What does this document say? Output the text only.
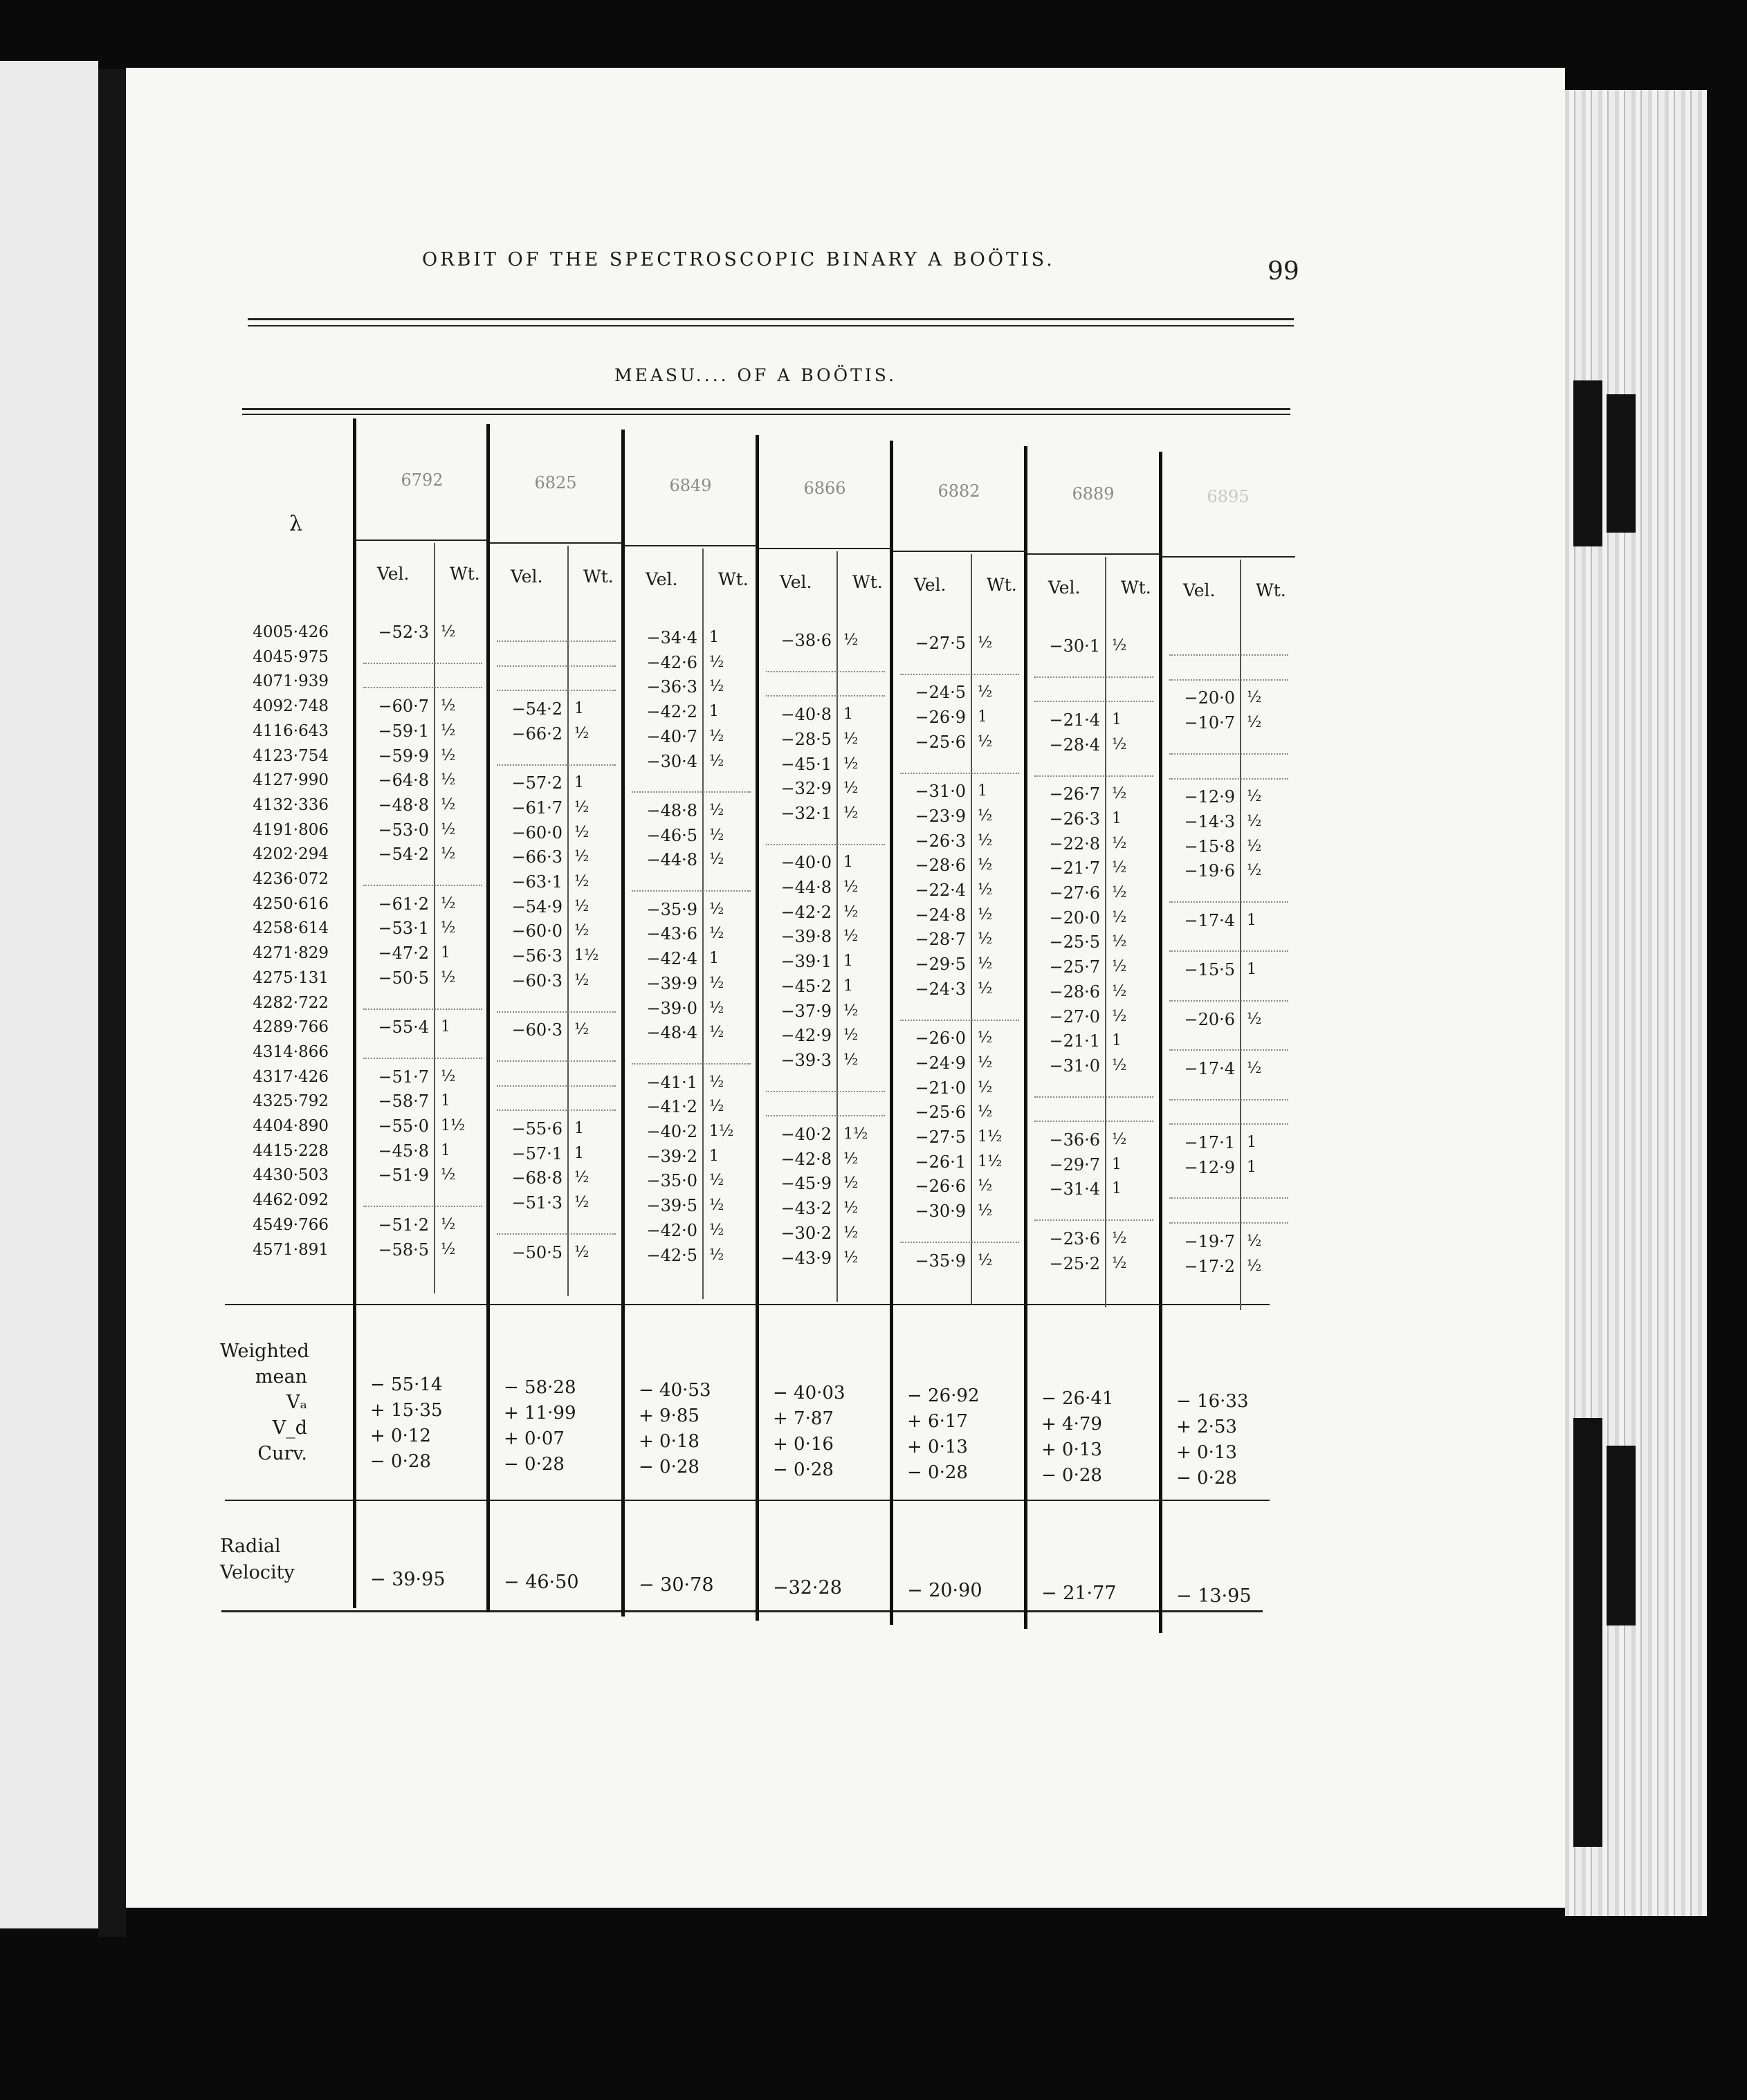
ORBIT OF THE SPECTROSCOPIC BINARY A BOÖTIS.	99
MEASU.... OF A BOÖTIS.
λ
Weighted
mean
Vₐ
V_d
Curv.
Radial
Velocity
4005·426
4045·975
4071·939
4092·748
4116·643
4123·754
4127·990
4132·336
4191·806
4202·294
4236·072
4250·616
4258·614
4271·829
4275·131
4282·722
4289·766
4314·866
4317·426
4325·792
4404·890
4415·228
4430·503
4462·092
4549·766
4571·891
6792
Vel. Wt.
−52·3 ½
−60·7 ½
−59·1 ½
−59·9 ½
−64·8 ½
−48·8 ½
−53·0 ½
−54·2 ½
−61·2 ½
−53·1 ½
−47·2 1
−50·5 ½
−55·4 1
−51·7 ½
−58·7 1
−55·0 1½
−45·8 1
−51·9 ½
−51·2 ½
−58·5 ½
− 55·14
+ 15·35
+ 0·12
− 0·28
− 39·95
6825
Vel. Wt.
−54·2 1
−66·2 ½
−57·2 1
−61·7 ½
−60·0 ½
−66·3 ½
−63·1 ½
−54·9 ½
−60·0 ½
−56·3 1½
−60·3 ½
−60·3 ½
−55·6 1
−57·1 1
−68·8 ½
−51·3 ½
−50·5 ½
− 58·28
+ 11·99
+ 0·07
− 0·28
− 46·50
6849
Vel. Wt.
−34·4 1
−42·6 ½
−36·3 ½
−42·2 1
−40·7 ½
−30·4 ½
−48·8 ½
−46·5 ½
−44·8 ½
−35·9 ½
−43·6 ½
−42·4 1
−39·9 ½
−39·0 ½
−48·4 ½
−41·1 ½
−41·2 ½
−40·2 1½
−39·2 1
−35·0 ½
−39·5 ½
−42·0 ½
−42·5 ½
− 40·53
+ 9·85
+ 0·18
− 0·28
− 30·78
6866
Vel. Wt.
−38·6 ½
−40·8 1
−28·5 ½
−45·1 ½
−32·9 ½
−32·1 ½
−40·0 1
−44·8 ½
−42·2 ½
−39·8 ½
−39·1 1
−45·2 1
−37·9 ½
−42·9 ½
−39·3 ½
−40·2 1½
−42·8 ½
−45·9 ½
−43·2 ½
−30·2 ½
−43·9 ½
− 40·03
+ 7·87
+ 0·16
− 0·28
−32·28
6882
Vel. Wt.
−27·5 ½
−24·5 ½
−26·9 1
−25·6 ½
−31·0 1
−23·9 ½
−26·3 ½
−28·6 ½
−22·4 ½
−24·8 ½
−28·7 ½
−29·5 ½
−24·3 ½
−26·0 ½
−24·9 ½
−21·0 ½
−25·6 ½
−27·5 1½
−26·1 1½
−26·6 ½
−30·9 ½
−35·9 ½
− 26·92
+ 6·17
+ 0·13
− 0·28
− 20·90
6889
Vel. Wt.
−30·1 ½
−21·4 1
−28·4 ½
−26·7 ½
−26·3 1
−22·8 ½
−21·7 ½
−27·6 ½
−20·0 ½
−25·5 ½
−25·7 ½
−28·6 ½
−27·0 ½
−21·1 1
−31·0 ½
−36·6 ½
−29·7 1
−31·4 1
−23·6 ½
−25·2 ½
− 26·41
+ 4·79
+ 0·13
− 0·28
− 21·77
6895
Vel. Wt.
−20·0 ½
−10·7 ½
−12·9 ½
−14·3 ½
−15·8 ½
−19·6 ½
−17·4 1
−15·5 1
−20·6 ½
−17·4 ½
−17·1 1
−12·9 1
−19·7 ½
−17·2 ½
− 16·33
+ 2·53
+ 0·13
− 0·28
− 13·95
